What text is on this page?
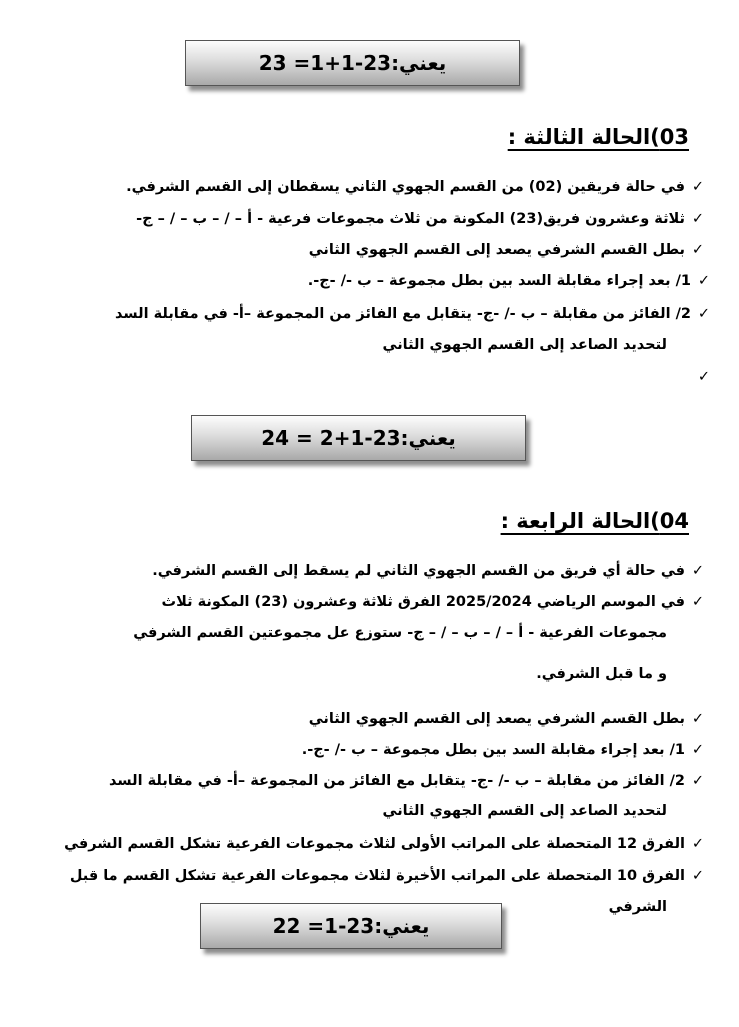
يعني:23-1+1= 23
03)الحالة الثالثة :
✓في حالة فريقين (02) من القسم الجهوي الثاني يسقطان إلى القسم الشرفي.
✓ثلاثة وعشرون فريق(23) المكونة من ثلاث مجموعات فرعية - أ – / – ب – / – ج-
✓بطل القسم الشرفي يصعد إلى القسم الجهوي الثاني
✓1/ بعد إجراء مقابلة السد بين بطل مجموعة – ب -/ -ج-.
✓2/ الفائز من مقابلة – ب -/ -ج- يتقابل مع الفائز من المجموعة –أ- في مقابلة السد
لتحديد الصاعد إلى القسم الجهوي الثاني
✓
يعني:23-1+2 = 24
04)الحالة الرابعة :
✓في حالة أي فريق من القسم الجهوي الثاني لم يسقط إلى القسم الشرفي.
✓في الموسم الرياضي 2025/2024 الفرق ثلاثة وعشرون (23) المكونة ثلاث
مجموعات الفرعية - أ – / – ب – / – ج- ستوزع عل مجموعتين القسم الشرفي
و ما قبل الشرفي.
✓بطل القسم الشرفي يصعد إلى القسم الجهوي الثاني
✓1/ بعد إجراء مقابلة السد بين بطل مجموعة – ب -/ -ج-.
✓2/ الفائز من مقابلة – ب -/ -ج- يتقابل مع الفائز من المجموعة –أ- في مقابلة السد
لتحديد الصاعد إلى القسم الجهوي الثاني
✓الفرق 12 المتحصلة على المراتب الأولى لثلاث مجموعات الفرعية تشكل القسم الشرفي
✓الفرق 10 المتحصلة على المراتب الأخيرة لثلاث مجموعات الفرعية تشكل القسم ما قبل
الشرفي
يعني:23-1= 22
